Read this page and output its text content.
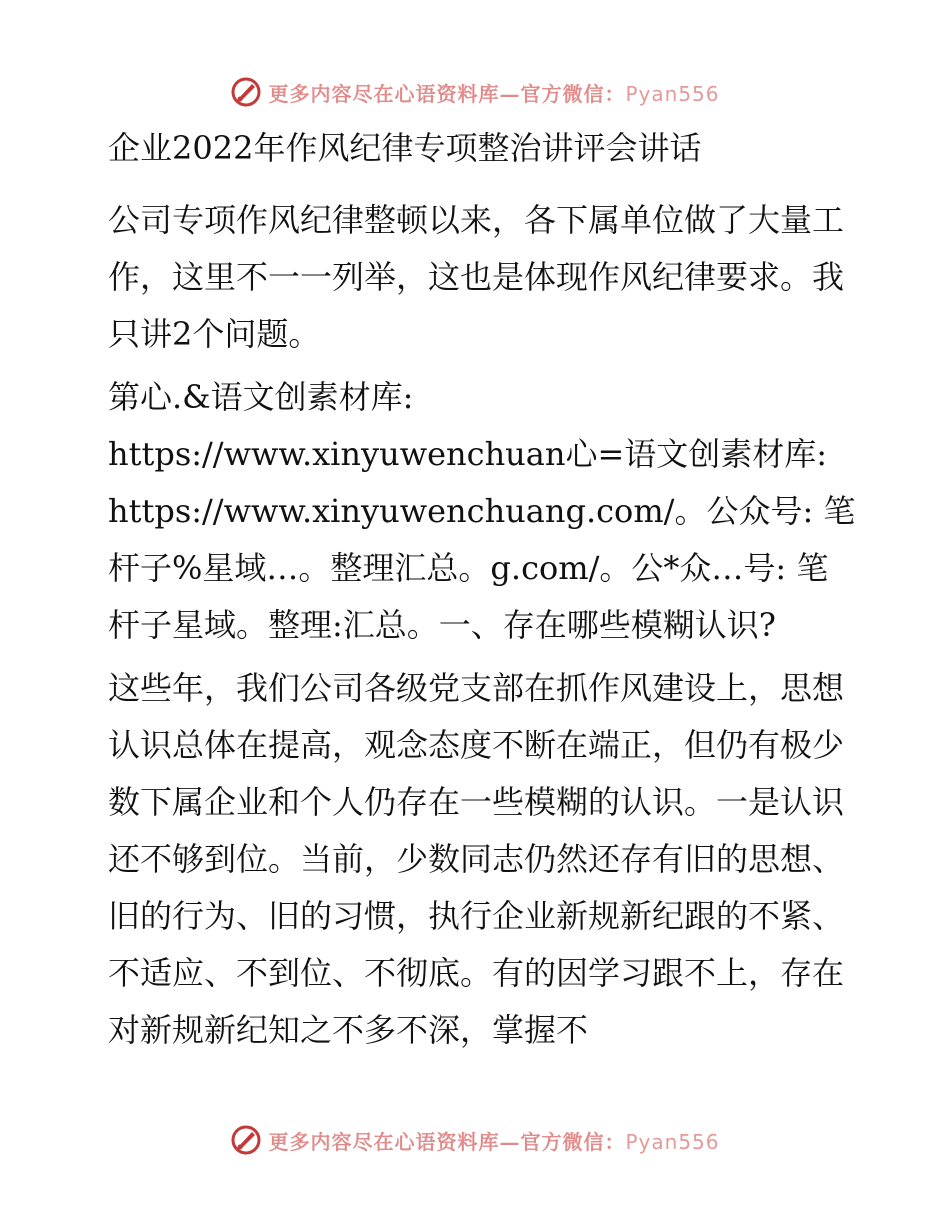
更多内容尽在心语资料库—官方微信：Pyan556
企业2022年作风纪律专项整治讲评会讲话

公司专项作风纪律整顿以来，各下属单位做了大量工作，这里不一一列举，这也是体现作风纪律要求。我只讲2个问题。

第心.&语文创素材库: https://www.xinyuwenchuan心=语文创素材库: https://www.xinyuwenchuang.com/。公众号: 笔杆子%星域…。整理汇总。g.com/。公*众…号: 笔杆子星域。整理:汇总。一、存在哪些模糊认识?

这些年，我们公司各级党支部在抓作风建设上，思想认识总体在提高，观念态度不断在端正，但仍有极少数下属企业和个人仍存在一些模糊的认识。一是认识还不够到位。当前，少数同志仍然还存有旧的思想、旧的行为、旧的习惯，执行企业新规新纪跟的不紧、不适应、不到位、不彻底。有的因学习跟不上，存在对新规新纪知之不多不深，掌握不

更多内容尽在心语资料库—官方微信：Pyan556
